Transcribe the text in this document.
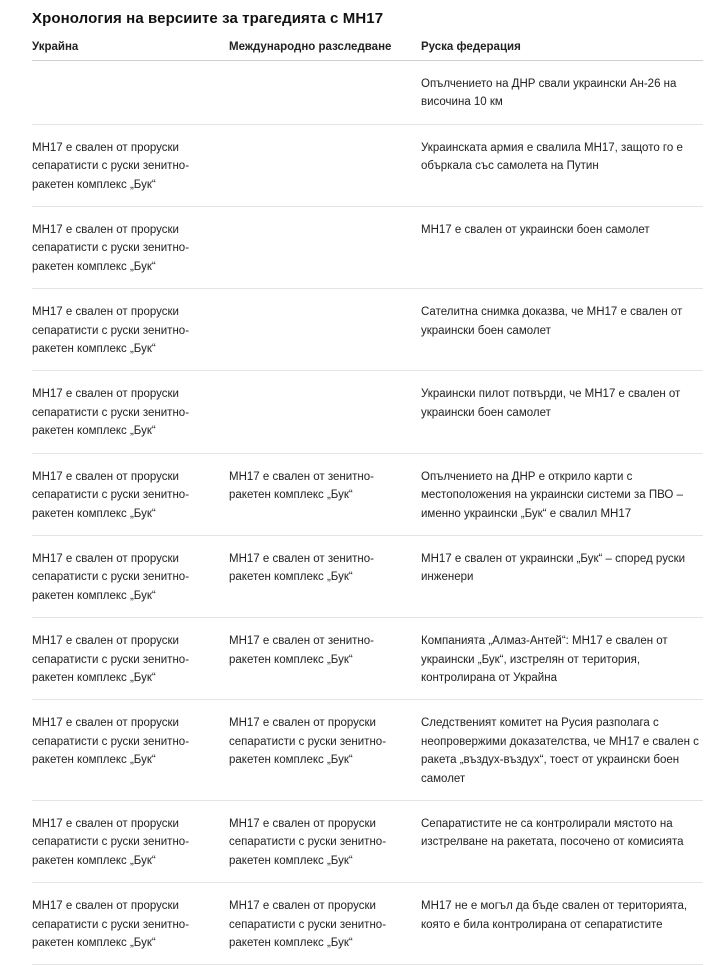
Хронология на версиите за трагедията с MH17
Украйна	Международно разследване	Руска федерация
		Опълчението на ДНР свали украински Ан-26 на височина 10 км
МН17 е свален от проруски сепаратисти с руски зенитно-ракетен комплекс „Бук“		Украинската армия е свалила МН17, защото го е объркала със самолета на Путин
МН17 е свален от проруски сепаратисти с руски зенитно-ракетен комплекс „Бук“		МН17 е свален от украински боен самолет
МН17 е свален от проруски сепаратисти с руски зенитно-ракетен комплекс „Бук“		Сателитна снимка доказва, че МН17 е свален от украински боен самолет
МН17 е свален от проруски сепаратисти с руски зенитно-ракетен комплекс „Бук“		Украински пилот потвърди, че МН17 е свален от украински боен самолет
МН17 е свален от проруски сепаратисти с руски зенитно-ракетен комплекс „Бук“	МН17 е свален от зенитно-ракетен комплекс „Бук“	Опълчението на ДНР е открило карти с местоположения на украински системи за ПВО – именно украински „Бук“ е свалил МН17
МН17 е свален от проруски сепаратисти с руски зенитно-ракетен комплекс „Бук“	МН17 е свален от зенитно-ракетен комплекс „Бук“	МН17 е свален от украински „Бук“ – според руски инженери
МН17 е свален от проруски сепаратисти с руски зенитно-ракетен комплекс „Бук“	МН17 е свален от зенитно-ракетен комплекс „Бук“	Компанията „Алмаз-Антей“: МН17 е свален от украински „Бук“, изстрелян от територия, контролирана от Украйна
МН17 е свален от проруски сепаратисти с руски зенитно-ракетен комплекс „Бук“	МН17 е свален от проруски сепаратисти с руски зенитно-ракетен комплекс „Бук“	Следственият комитет на Русия разполага с неопровержими доказателства, че МН17 е свален с ракета „въздух-въздух“, тоест от украински боен самолет
МН17 е свален от проруски сепаратисти с руски зенитно-ракетен комплекс „Бук“	МН17 е свален от проруски сепаратисти с руски зенитно-ракетен комплекс „Бук“	Сепаратистите не са контролирали мястото на изстрелване на ракетата, посочено от комисията
МН17 е свален от проруски сепаратисти с руски зенитно-ракетен комплекс „Бук“	МН17 е свален от проруски сепаратисти с руски зенитно-ракетен комплекс „Бук“	МН17 не е могъл да бъде свален от територията, която е била контролирана от сепаратистите
